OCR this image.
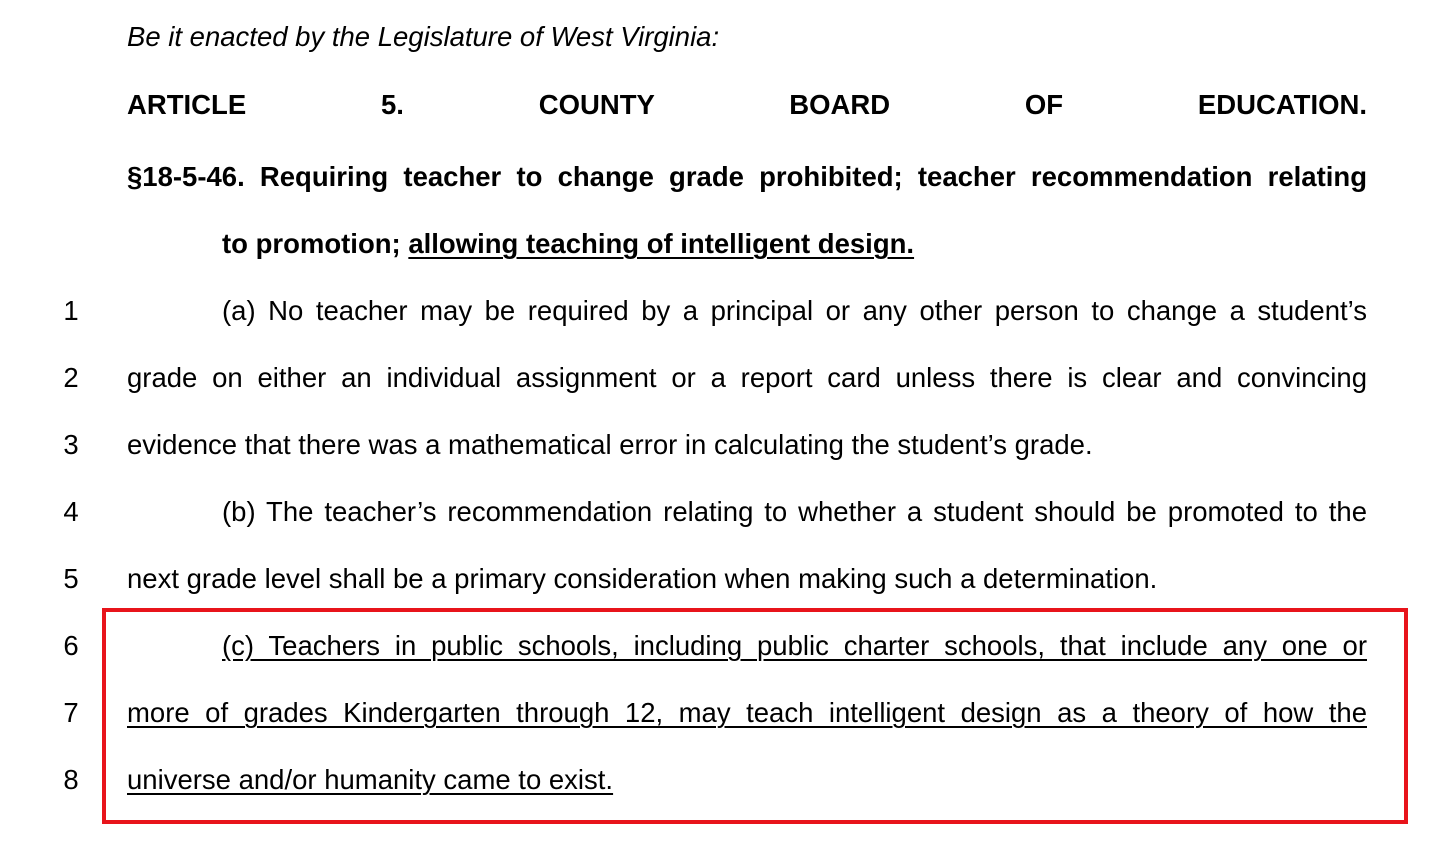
Be it enacted by the Legislature of West Virginia:
ARTICLE 5. COUNTY BOARD OF EDUCATION.
§18-5-46. Requiring teacher to change grade prohibited; teacher recommendation relating
to promotion; allowing teaching of intelligent design.
1
2
3
4
5
6
7
8
(a) No teacher may be required by a principal or any other person to change a student’s
grade on either an individual assignment or a report card unless there is clear and convincing
evidence that there was a mathematical error in calculating the student’s grade.
(b) The teacher’s recommendation relating to whether a student should be promoted to the
next grade level shall be a primary consideration when making such a determination.
(c) Teachers in public schools, including public charter schools, that include any one or
more of grades Kindergarten through 12, may teach intelligent design as a theory of how the
universe and/or humanity came to exist.
